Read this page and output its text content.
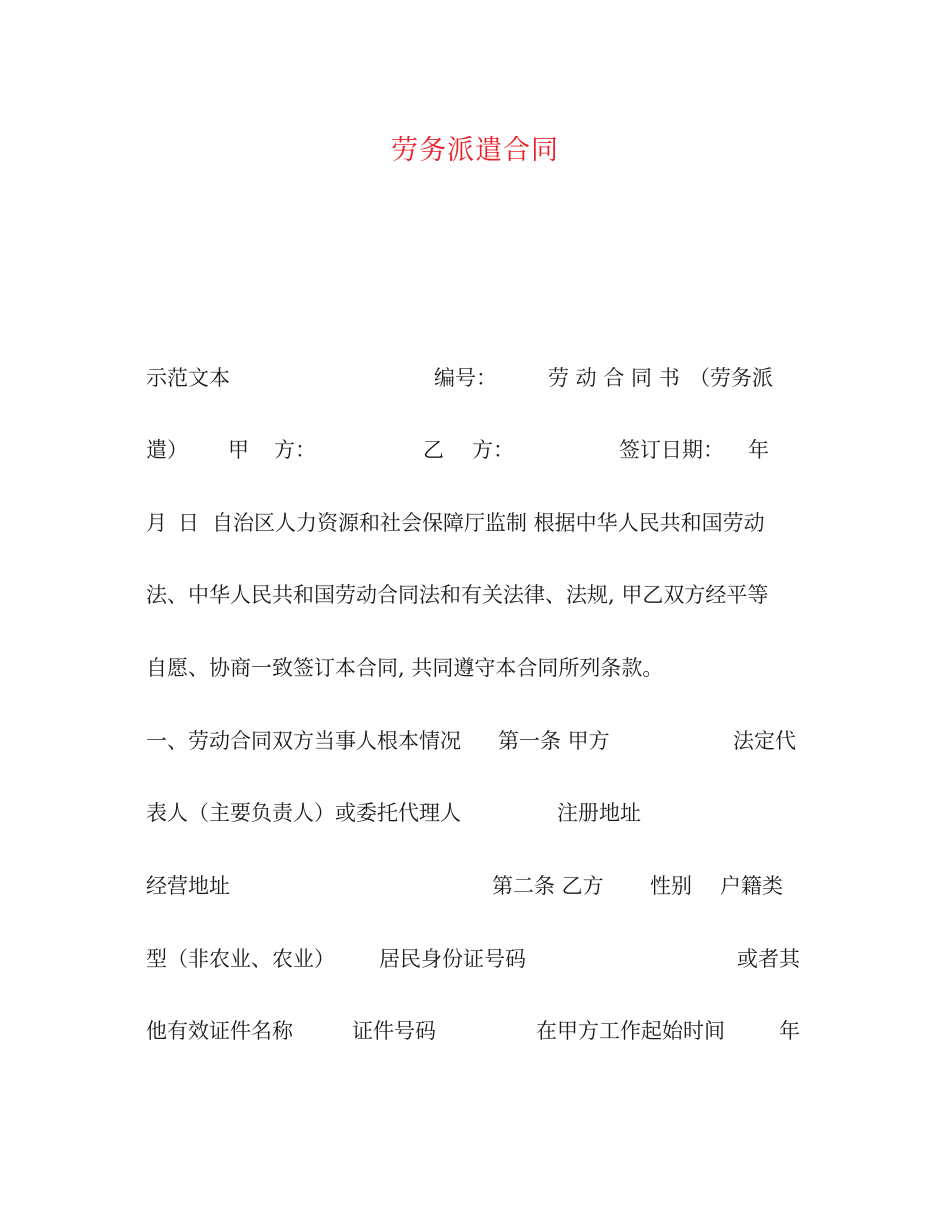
劳务派遣合同
示范文本	编号： 劳 动 合 同 书 （劳务派
遣） 甲 方：	乙 方：	签订日期： 年
月 日 自治区人力资源和社会保障厅监制 根据中华人民共和国劳动
法、中华人民共和国劳动合同法和有关法律、法规, 甲乙双方经平等
自愿、协商一致签订本合同, 共同遵守本合同所列条款。
一、劳动合同双方当事人根本情况 第一条 甲方	法定代
表人（主要负责人）或委托代理人	注册地址
经营地址	第二条 乙方 性别 户籍类
型（非农业、农业） 居民身份证号码	或者其
他有效证件名称	证件号码	在甲方工作起始时间	年
